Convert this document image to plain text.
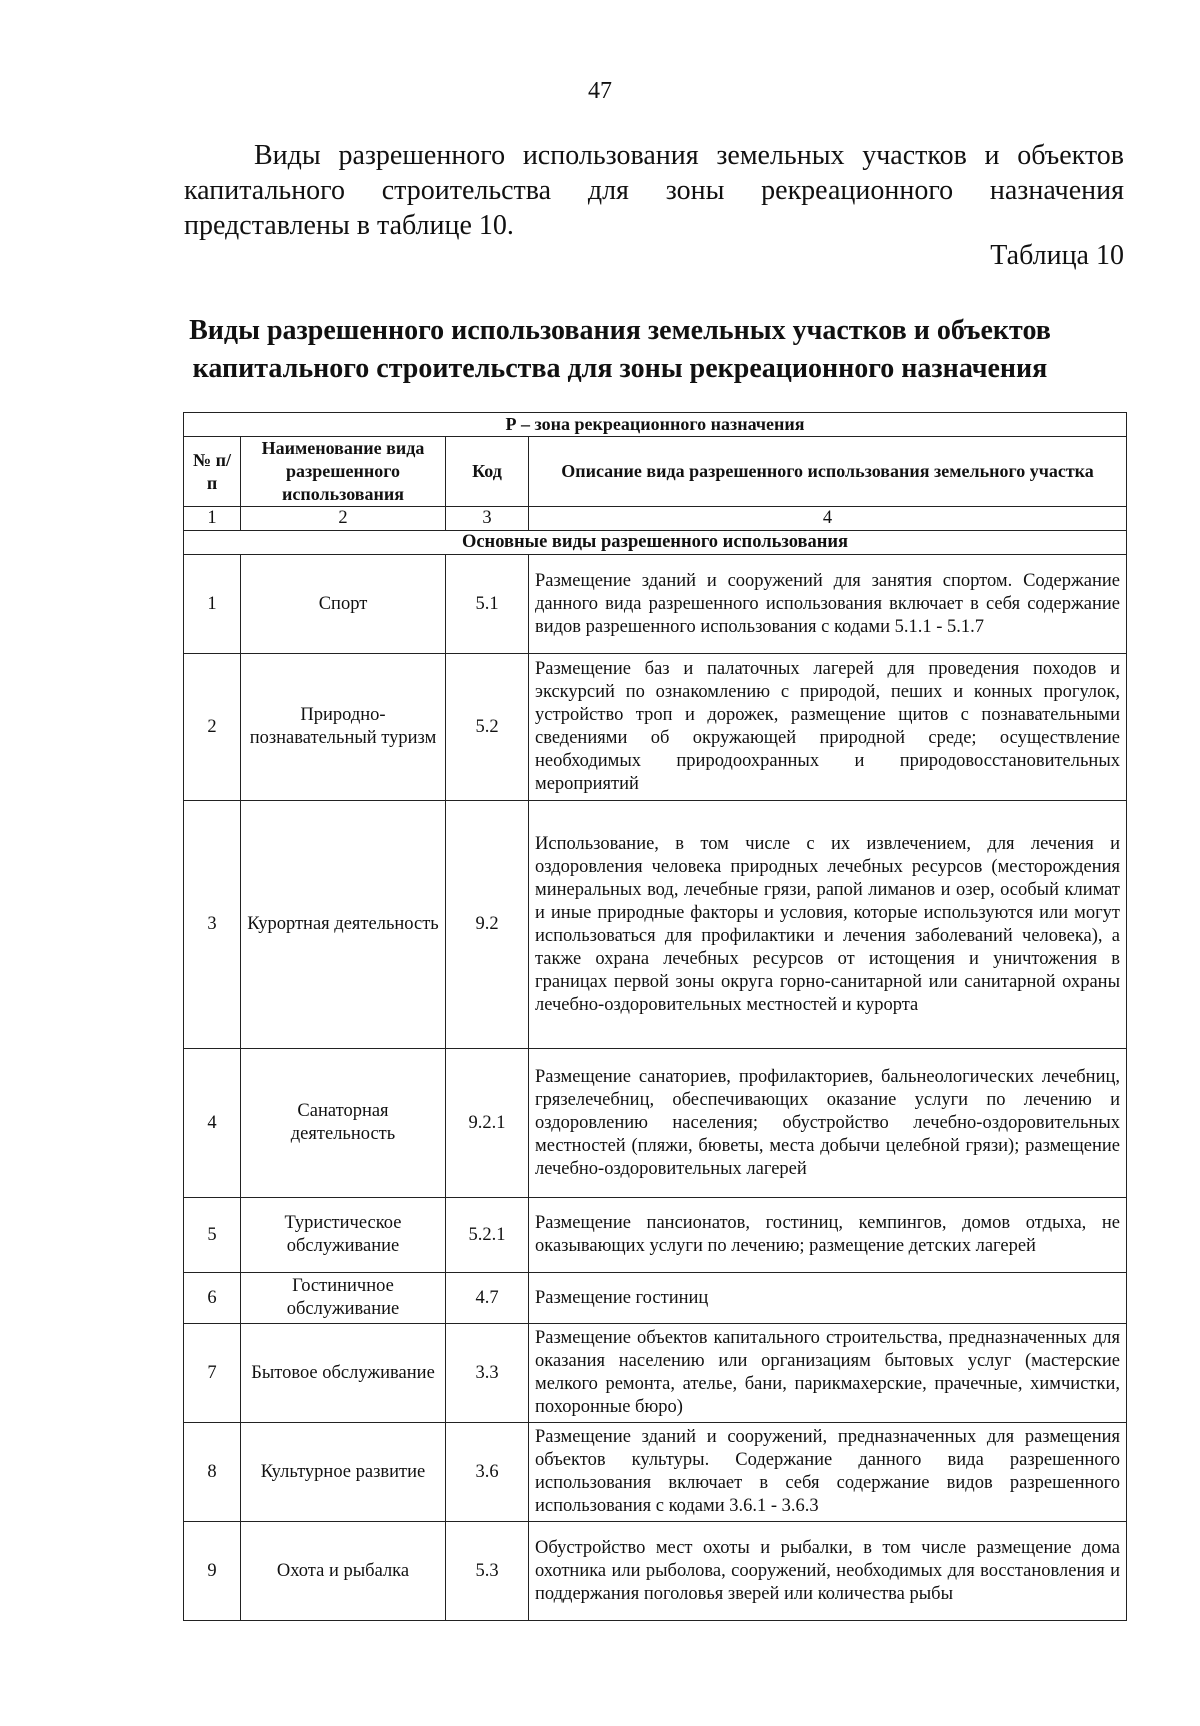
47

Виды разрешенного использования земельных участков и объектов капитального строительства для зоны рекреационного назначения представлены в таблице 10.

Таблица 10
Виды разрешенного использования земельных участков и объектов
капитального строительства для зоны рекреационного назначения
Р – зона рекреационного назначения			
№ п/п	Наименование вида разрешенного использования	Код	Описание вида разрешенного использования земельного участка
1	2	3	4
Основные виды разрешенного использования			
1	Спорт	5.1	Размещение зданий и сооружений для занятия спортом. Содержание данного вида разрешенного использования включает в себя содержание видов разрешенного использования с кодами 5.1.1 - 5.1.7
2	Природно-познавательный туризм	5.2	Размещение баз и палаточных лагерей для проведения походов и экскурсий по ознакомлению с природой, пеших и конных прогулок, устройство троп и дорожек, размещение щитов с познавательными сведениями об окружающей природной среде; осуществление необходимых природоохранных и природовосстановительных мероприятий
3	Курортная деятельность	9.2	Использование, в том числе с их извлечением, для лечения и оздоровления человека природных лечебных ресурсов (месторождения минеральных вод, лечебные грязи, рапой лиманов и озер, особый климат и иные природные факторы и условия, которые используются или могут использоваться для профилактики и лечения заболеваний человека), а также охрана лечебных ресурсов от истощения и уничтожения в границах первой зоны округа горно-санитарной или санитарной охраны лечебно-оздоровительных местностей и курорта
4	Санаторная деятельность	9.2.1	Размещение санаториев, профилакториев, бальнеологических лечебниц, грязелечебниц, обеспечивающих оказание услуги по лечению и оздоровлению населения; обустройство лечебно-оздоровительных местностей (пляжи, бюветы, места добычи целебной грязи); размещение лечебно-оздоровительных лагерей
5	Туристическое обслуживание	5.2.1	Размещение пансионатов, гостиниц, кемпингов, домов отдыха, не оказывающих услуги по лечению; размещение детских лагерей
6	Гостиничное обслуживание	4.7	Размещение гостиниц
7	Бытовое обслуживание	3.3	Размещение объектов капитального строительства, предназначенных для оказания населению или организациям бытовых услуг (мастерские мелкого ремонта, ателье, бани, парикмахерские, прачечные, химчистки, похоронные бюро)
8	Культурное развитие	3.6	Размещение зданий и сооружений, предназначенных для размещения объектов культуры. Содержание данного вида разрешенного использования включает в себя содержание видов разрешенного использования с кодами 3.6.1 - 3.6.3
9	Охота и рыбалка	5.3	Обустройство мест охоты и рыбалки, в том числе размещение дома охотника или рыболова, сооружений, необходимых для восстановления и поддержания поголовья зверей или количества рыбы
